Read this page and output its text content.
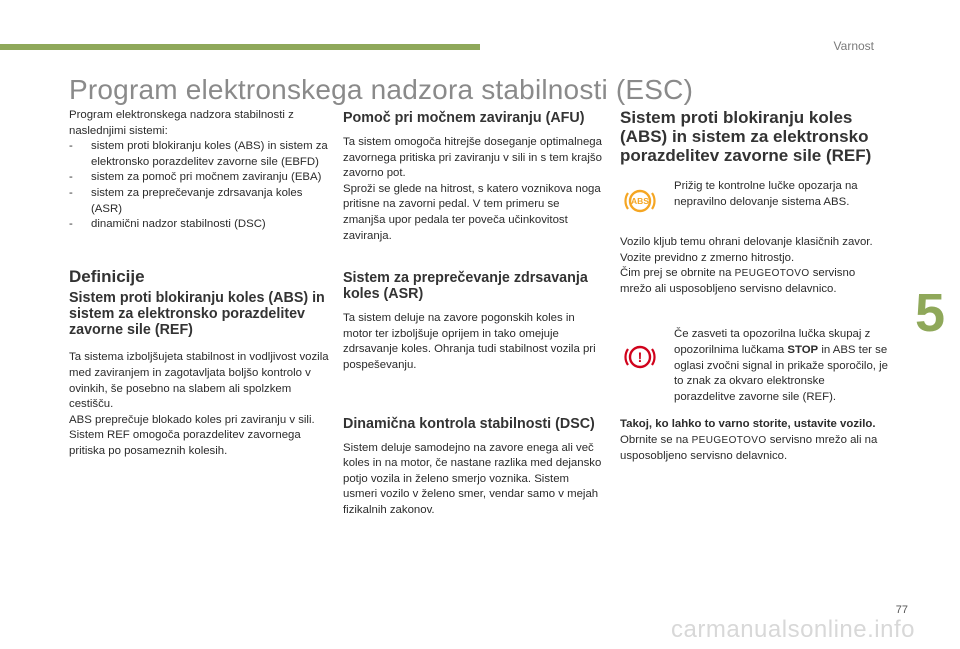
Varnost
Program elektronskega nadzora stabilnosti (ESC)

Program elektronskega nadzora stabilnosti z naslednjimi sistemi:

- sistem proti blokiranju koles (ABS) in sistem za elektronsko porazdelitev zavorne sile (EBFD)
- sistem za pomoč pri močnem zaviranju (EBA)
- sistem za preprečevanje zdrsavanja koles (ASR)
- dinamični nadzor stabilnosti (DSC)
Definicije
Sistem proti blokiranju koles (ABS) in sistem za elektronsko porazdelitev zavorne sile (REF)

Ta sistema izboljšujeta stabilnost in vodljivost vozila med zaviranjem in zagotavljata boljšo kontrolo v ovinkih, še posebno na slabem ali spolzkem cestišču.

ABS preprečuje blokado koles pri zaviranju v sili.

Sistem REF omogoča porazdelitev zavornega pritiska po posameznih kolesih.

Pomoč pri močnem zaviranju (AFU)

Ta sistem omogoča hitrejše doseganje optimalnega zavornega pritiska pri zaviranju v sili in s tem krajšo zavorno pot.

Sproži se glede na hitrost, s katero voznikova noga pritisne na zavorni pedal. V tem primeru se zmanjša upor pedala ter poveča učinkovitost zaviranja.

Sistem za preprečevanje zdrsavanja koles (ASR)

Ta sistem deluje na zavore pogonskih koles in motor ter izboljšuje oprijem in tako omejuje zdrsavanje koles. Ohranja tudi stabilnost vozila pri pospeševanju.

Dinamična kontrola stabilnosti (DSC)

Sistem deluje samodejno na zavore enega ali več koles in na motor, če nastane razlika med dejansko potjo vozila in želeno smerjo voznika. Sistem usmeri vozilo v želeno smer, vendar samo v mejah fizikalnih zakonov.

Sistem proti blokiranju koles (ABS) in sistem za elektronsko porazdelitev zavorne sile (REF)
ABS

Prižig te kontrolne lučke opozarja na nepravilno delovanje sistema ABS.

Vozilo kljub temu ohrani delovanje klasičnih zavor. Vozite previdno z zmerno hitrostjo.

Čim prej se obrnite na PEUGEOTOVO servisno mrežo ali usposobljeno servisno delavnico.

!

Če zasveti ta opozorilna lučka skupaj z opozorilnima lučkama STOP in ABS ter se oglasi zvočni signal in prikaže sporočilo, je to znak za okvaro elektronske porazdelitve zavorne sile (REF).

Takoj, ko lahko to varno storite, ustavite vozilo.

Obrnite se na PEUGEOTOVO servisno mrežo ali na usposobljeno servisno delavnico.

5
77
carmanualsonline.info
